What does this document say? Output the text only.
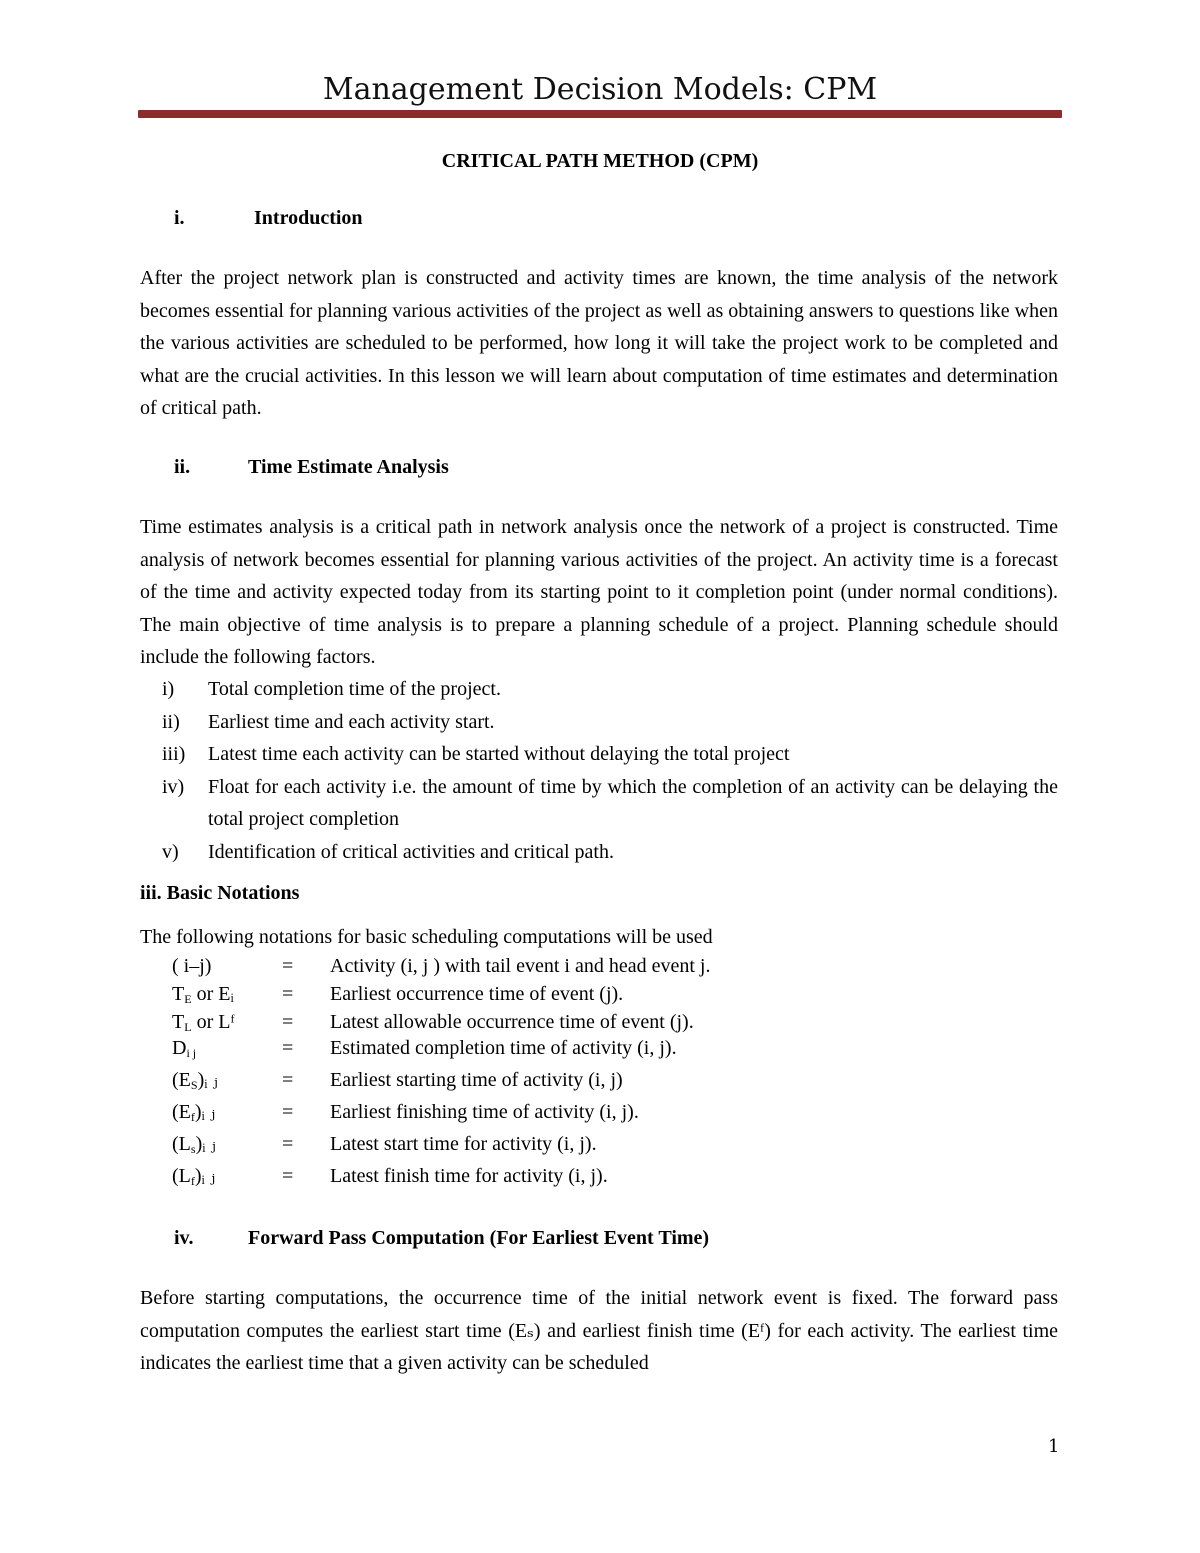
Management Decision Models: CPM
CRITICAL PATH METHOD (CPM)
i.	Introduction
After the project network plan is constructed and activity times are known, the time analysis of the network becomes essential for planning various activities of the project as well as obtaining answers to questions like when the various activities are scheduled to be performed, how long it will take the project work to be completed and what are the crucial activities. In this lesson we will learn about computation of time estimates and determination of critical path.
ii.	Time Estimate Analysis
Time estimates analysis is a critical path in network analysis once the network of a project is constructed. Time analysis of network becomes essential for planning various activities of the project. An activity time is a forecast of the time and activity expected today from its starting point to it completion point (under normal conditions). The main objective of time analysis is to prepare a planning schedule of a project. Planning schedule should include the following factors.
i) Total completion time of the project.
ii) Earliest time and each activity start.
iii) Latest time each activity can be started without delaying the total project
iv) Float for each activity i.e. the amount of time by which the completion of an activity can be delaying the total project completion
v) Identification of critical activities and critical path.
iii. Basic Notations
The following notations for basic scheduling computations will be used
( i–j)	= Activity (i, j ) with tail event i and head event j.
$T_E$ or Eᵢ = Earliest occurrence time of event (j).
$T_L$ or Lᶠ = Latest allowable occurrence time of event (j).
$D_{i j}$	= Estimated completion time of activity (i, j).
$(E_S)ᵢ$ ⱼ	= Earliest starting time of activity (i, j)
$(E_f)ᵢ$ ⱼ	= Earliest finishing time of activity (i, j).
$(L_s)ᵢ$ ⱼ	= Latest start time for activity (i, j).
$(L_f)ᵢ$ ⱼ	= Latest finish time for activity (i, j).
iv.	Forward Pass Computation (For Earliest Event Time)
Before starting computations, the occurrence time of the initial network event is fixed. The forward pass computation computes the earliest start time (Eₛ) and earliest finish time (Eᶠ) for each activity. The earliest time indicates the earliest time that a given activity can be scheduled
1
